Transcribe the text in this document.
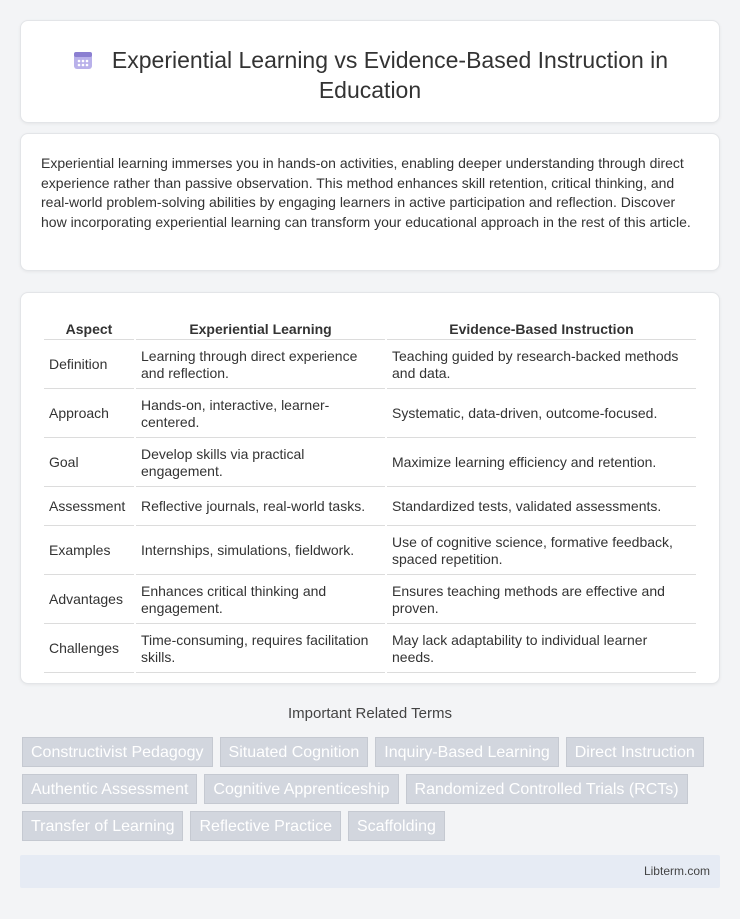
Experiential Learning vs Evidence-Based Instruction in Education

Experiential learning immerses you in hands-on activities, enabling deeper understanding through direct experience rather than passive observation. This method enhances skill retention, critical thinking, and real-world problem-solving abilities by engaging learners in active participation and reflection. Discover how incorporating experiential learning can transform your educational approach in the rest of this article.

Aspect	Experiential Learning	Evidence-Based Instruction
Definition	Learning through direct experience and reflection.	Teaching guided by research-backed methods and data.
Approach	Hands-on, interactive, learner-centered.	Systematic, data-driven, outcome-focused.
Goal	Develop skills via practical engagement.	Maximize learning efficiency and retention.
Assessment	Reflective journals, real-world tasks.	Standardized tests, validated assessments.
Examples	Internships, simulations, fieldwork.	Use of cognitive science, formative feedback, spaced repetition.
Advantages	Enhances critical thinking and engagement.	Ensures teaching methods are effective and proven.
Challenges	Time-consuming, requires facilitation skills.	May lack adaptability to individual learner needs.
Important Related Terms
Constructivist Pedagogy	Situated Cognition	Inquiry-Based Learning	Direct Instruction
Authentic Assessment	Cognitive Apprenticeship	Randomized Controlled Trials (RCTs)
Transfer of Learning	Reflective Practice	Scaffolding
Libterm.com
